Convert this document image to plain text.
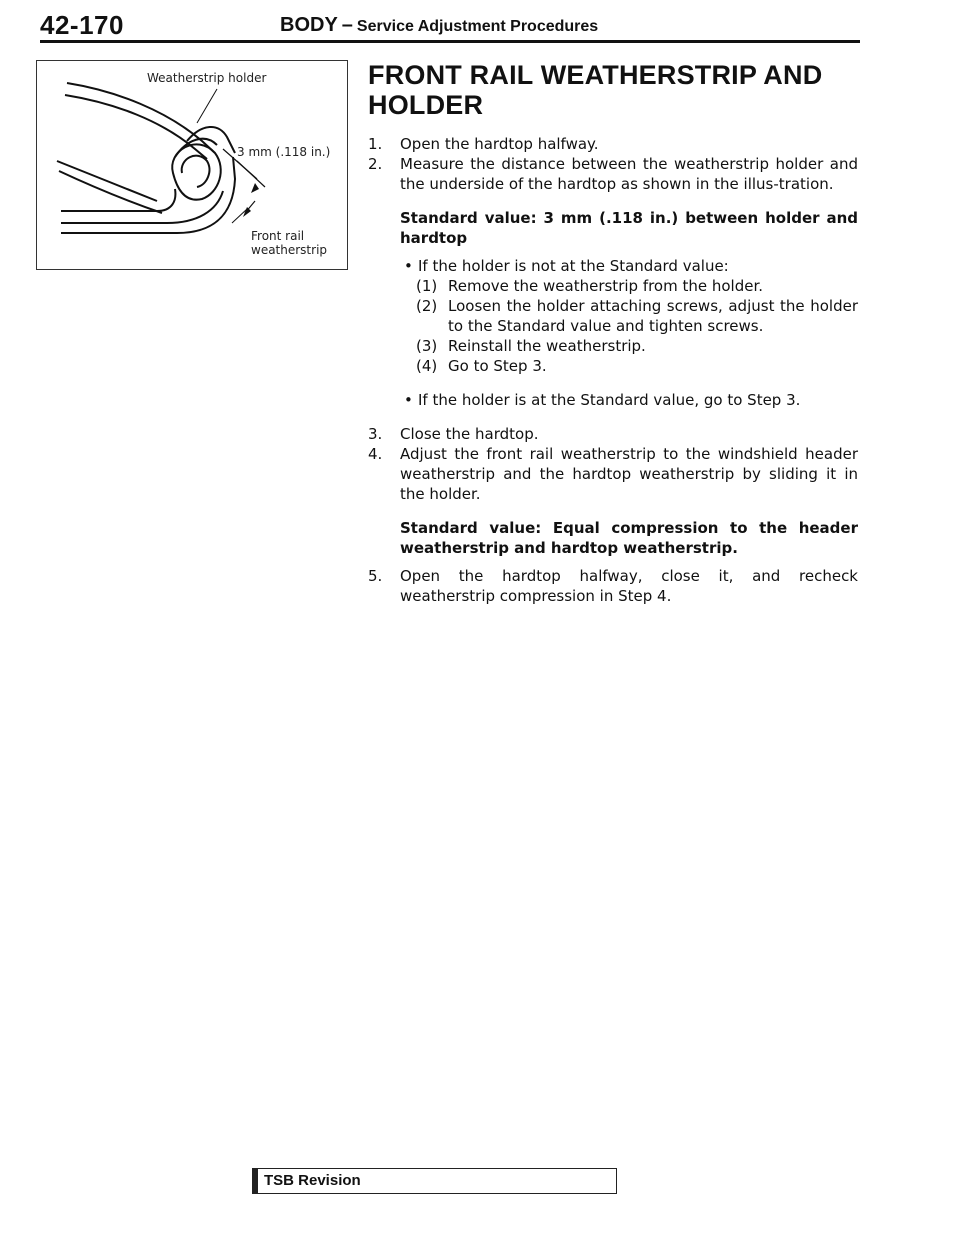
42-170	BODY – Service Adjustment Procedures
Weatherstrip holder
3 mm (.118 in.)
Front rail
weatherstrip
FRONT RAIL WEATHERSTRIP AND
HOLDER
1.	Open the hardtop halfway.
2.	Measure the distance between the weatherstrip holder and the underside of the hardtop as shown in the illus-tration.
Standard value: 3 mm (.118 in.) between holder and hardtop
• If the holder is not at the Standard value:
(1) Remove the weatherstrip from the holder.
(2) Loosen the holder attaching screws, adjust the holder to the Standard value and tighten screws.
(3) Reinstall the weatherstrip.
(4) Go to Step 3.
• If the holder is at the Standard value, go to Step 3.
3.	Close the hardtop.
4.	Adjust the front rail weatherstrip to the windshield header weatherstrip and the hardtop weatherstrip by sliding it in the holder.
Standard value: Equal compression to the header weatherstrip and hardtop weatherstrip.
5.	Open the hardtop halfway, close it, and recheck weatherstrip compression in Step 4.
TSB Revision
